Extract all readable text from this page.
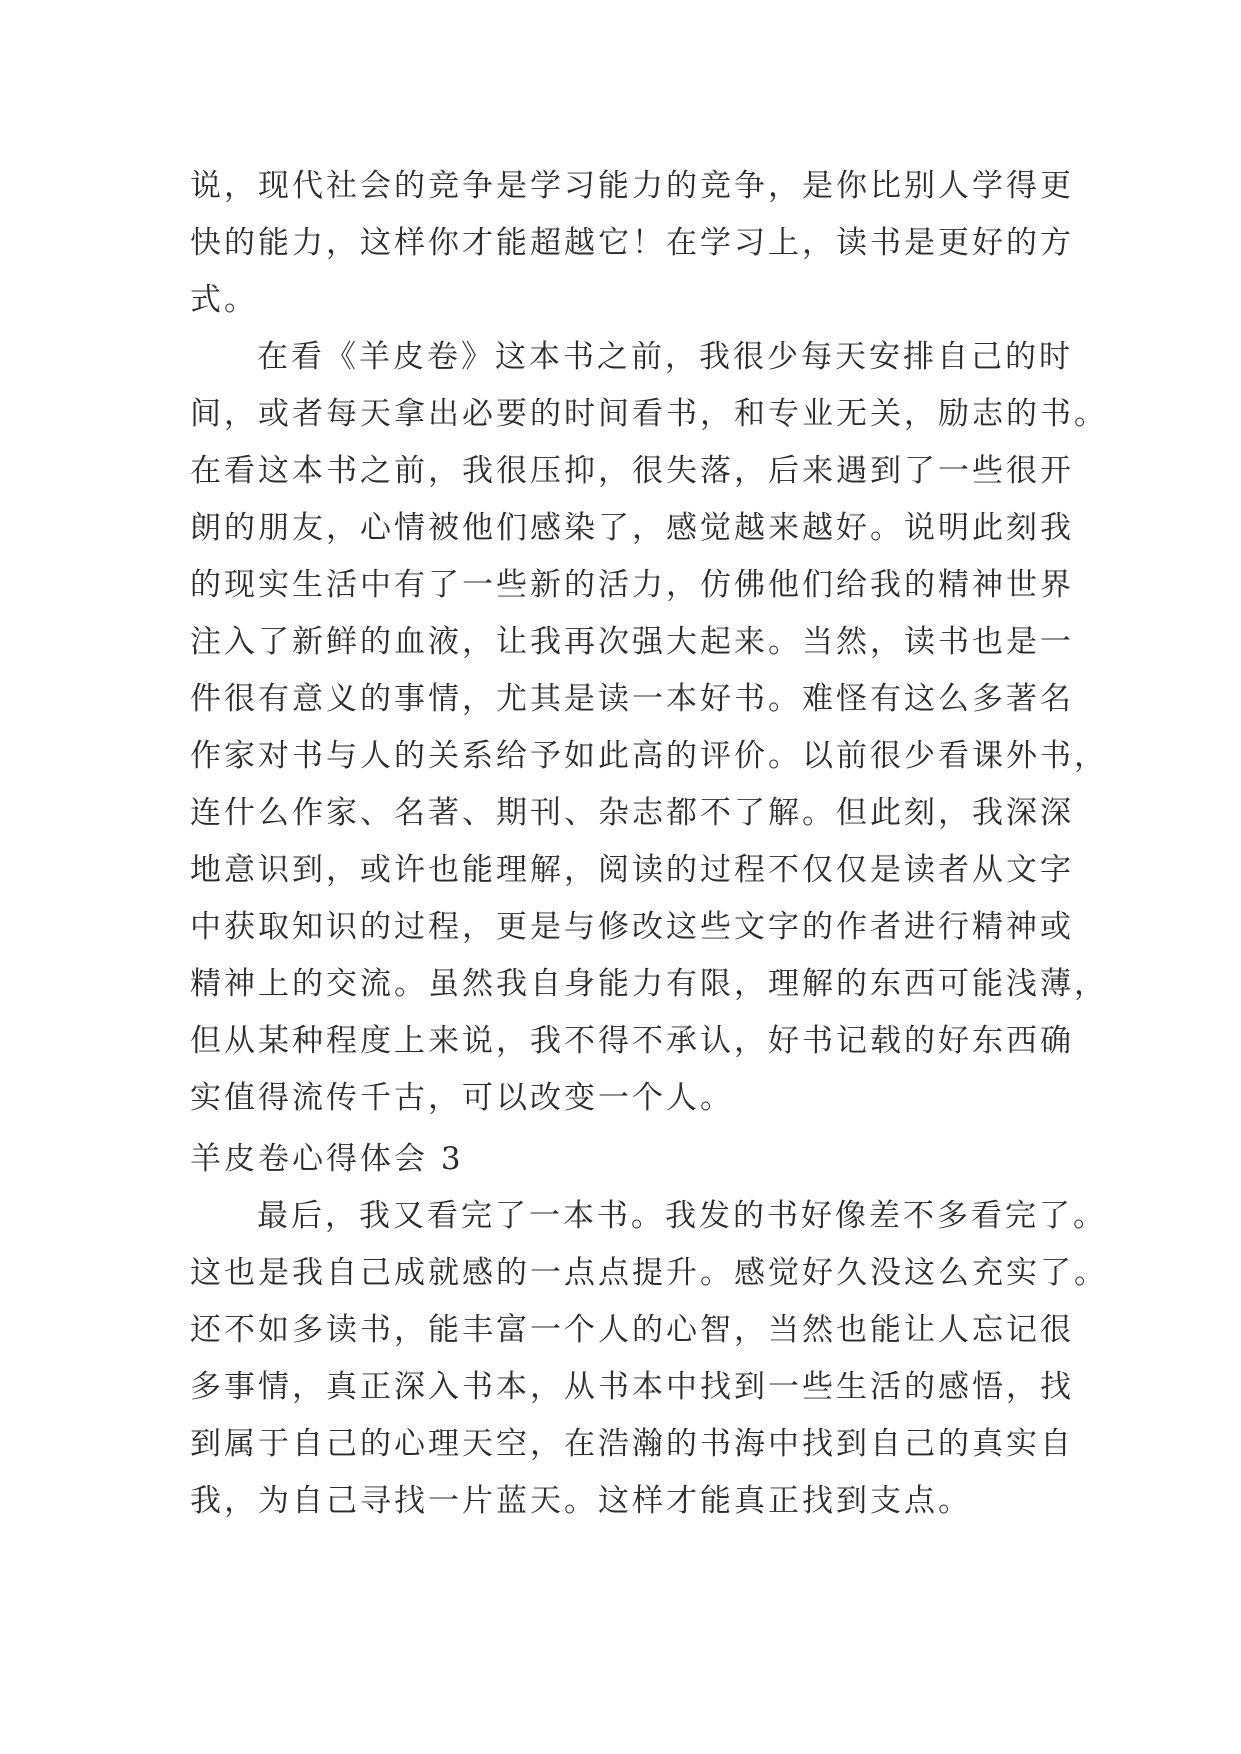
说，现代社会的竞争是学习能力的竞争，是你比别人学得更
快的能力，这样你才能超越它！在学习上，读书是更好的方
式。
在看《羊皮卷》这本书之前，我很少每天安排自己的时
间，或者每天拿出必要的时间看书，和专业无关，励志的书。
在看这本书之前，我很压抑，很失落，后来遇到了一些很开
朗的朋友，心情被他们感染了，感觉越来越好。说明此刻我
的现实生活中有了一些新的活力，仿佛他们给我的精神世界
注入了新鲜的血液，让我再次强大起来。当然，读书也是一
件很有意义的事情，尤其是读一本好书。难怪有这么多著名
作家对书与人的关系给予如此高的评价。以前很少看课外书，
连什么作家、名著、期刊、杂志都不了解。但此刻，我深深
地意识到，或许也能理解，阅读的过程不仅仅是读者从文字
中获取知识的过程，更是与修改这些文字的作者进行精神或
精神上的交流。虽然我自身能力有限，理解的东西可能浅薄，
但从某种程度上来说，我不得不承认，好书记载的好东西确
实值得流传千古，可以改变一个人。
羊皮卷心得体会 3
最后，我又看完了一本书。我发的书好像差不多看完了。
这也是我自己成就感的一点点提升。感觉好久没这么充实了。
还不如多读书，能丰富一个人的心智，当然也能让人忘记很
多事情，真正深入书本，从书本中找到一些生活的感悟，找
到属于自己的心理天空，在浩瀚的书海中找到自己的真实自
我，为自己寻找一片蓝天。这样才能真正找到支点。
